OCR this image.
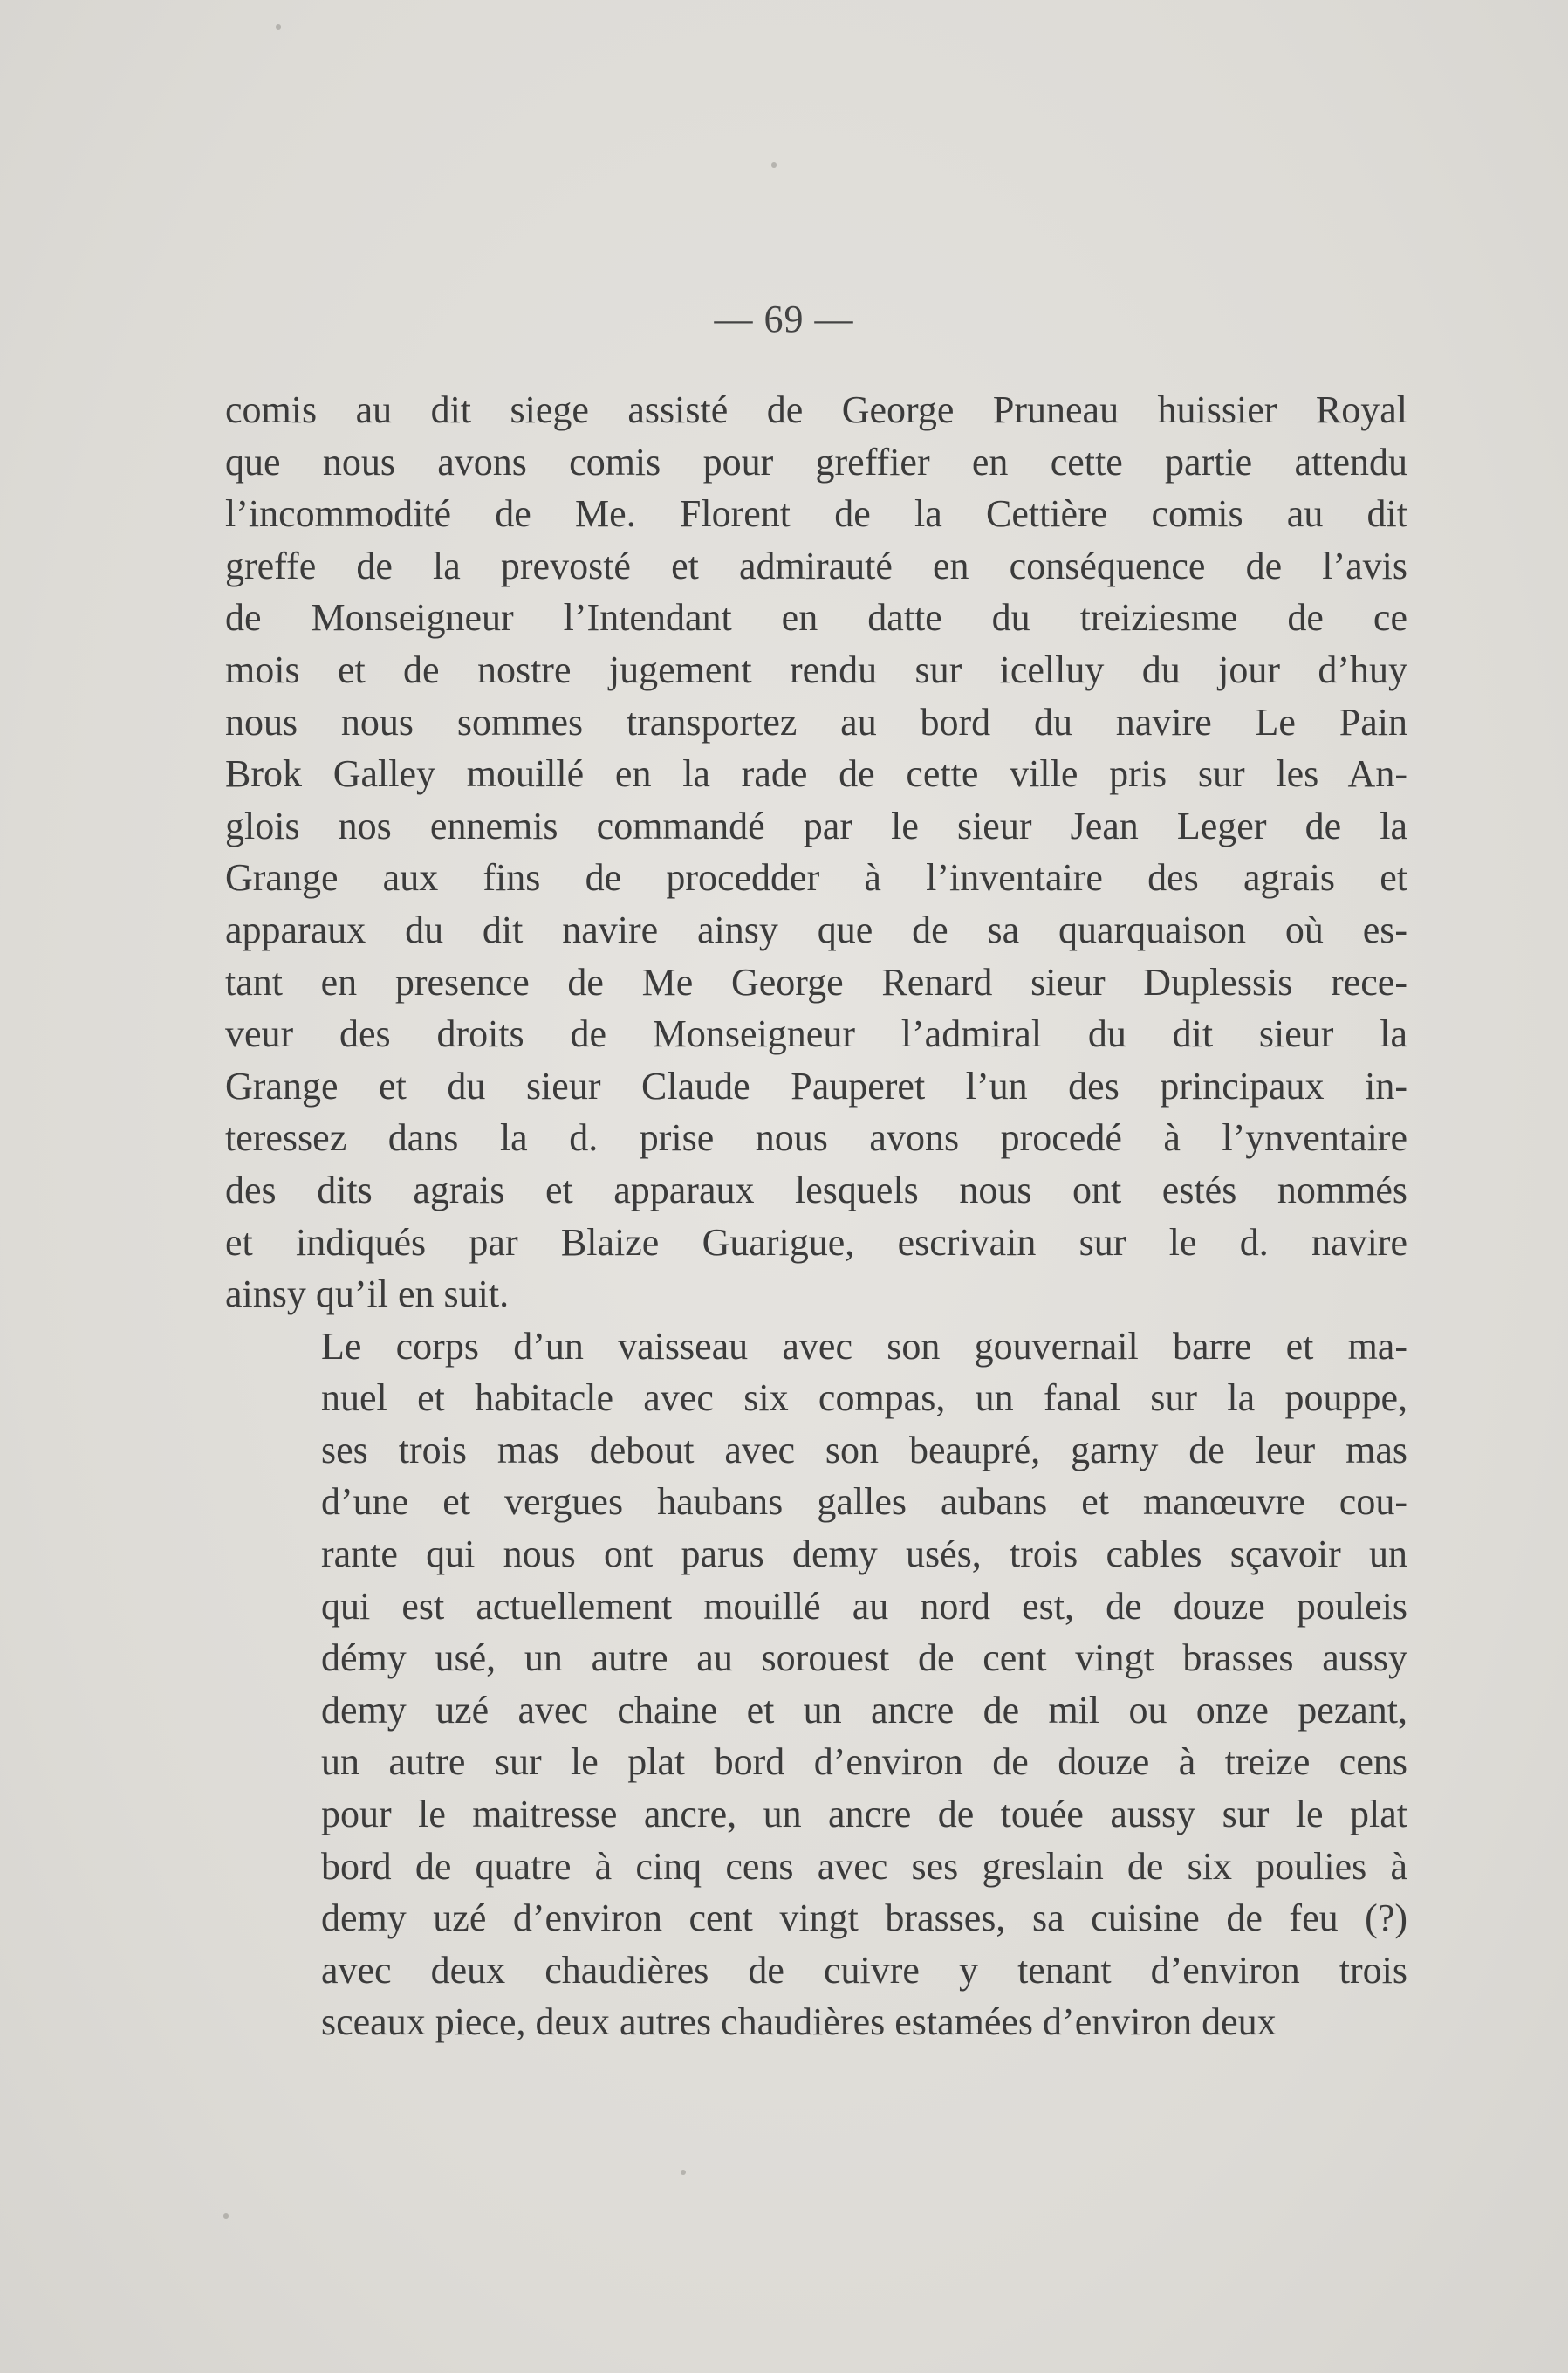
— 69 —
comis au dit siege assisté de George Pruneau huissier Royal
que nous avons comis pour greffier en cette partie attendu
l’incommodité de Me. Florent de la Cettière comis au dit
greffe de la prevosté et admirauté en conséquence de l’avis
de Monseigneur l’Intendant en datte du treiziesme de ce
mois et de nostre jugement rendu sur icelluy du jour d’huy
nous nous sommes transportez au bord du navire Le Pain
Brok Galley mouillé en la rade de cette ville pris sur les An-
glois nos ennemis commandé par le sieur Jean Leger de la
Grange aux fins de procedder à l’inventaire des agrais et
apparaux du dit navire ainsy que de sa quarquaison où es-
tant en presence de Me George Renard sieur Duplessis rece-
veur des droits de Monseigneur l’admiral du dit sieur la
Grange et du sieur Claude Pauperet l’un des principaux in-
teressez dans la d. prise nous avons procedé à l’ynventaire
des dits agrais et apparaux lesquels nous ont estés nommés
et indiqués par Blaize Guarigue, escrivain sur le d. navire
ainsy qu’il en suit.
Le corps d’un vaisseau avec son gouvernail barre et ma-
nuel et habitacle avec six compas, un fanal sur la pouppe,
ses trois mas debout avec son beaupré, garny de leur mas
d’une et vergues haubans galles aubans et manœuvre cou-
rante qui nous ont parus demy usés, trois cables sçavoir un
qui est actuellement mouillé au nord est, de douze pouleis
démy usé, un autre au sorouest de cent vingt brasses aussy
demy uzé avec chaine et un ancre de mil ou onze pezant,
un autre sur le plat bord d’environ de douze à treize cens
pour le maitresse ancre, un ancre de touée aussy sur le plat
bord de quatre à cinq cens avec ses greslain de six poulies à
demy uzé d’environ cent vingt brasses, sa cuisine de feu (?)
avec deux chaudières de cuivre y tenant d’environ trois
sceaux piece, deux autres chaudières estamées d’environ deux
